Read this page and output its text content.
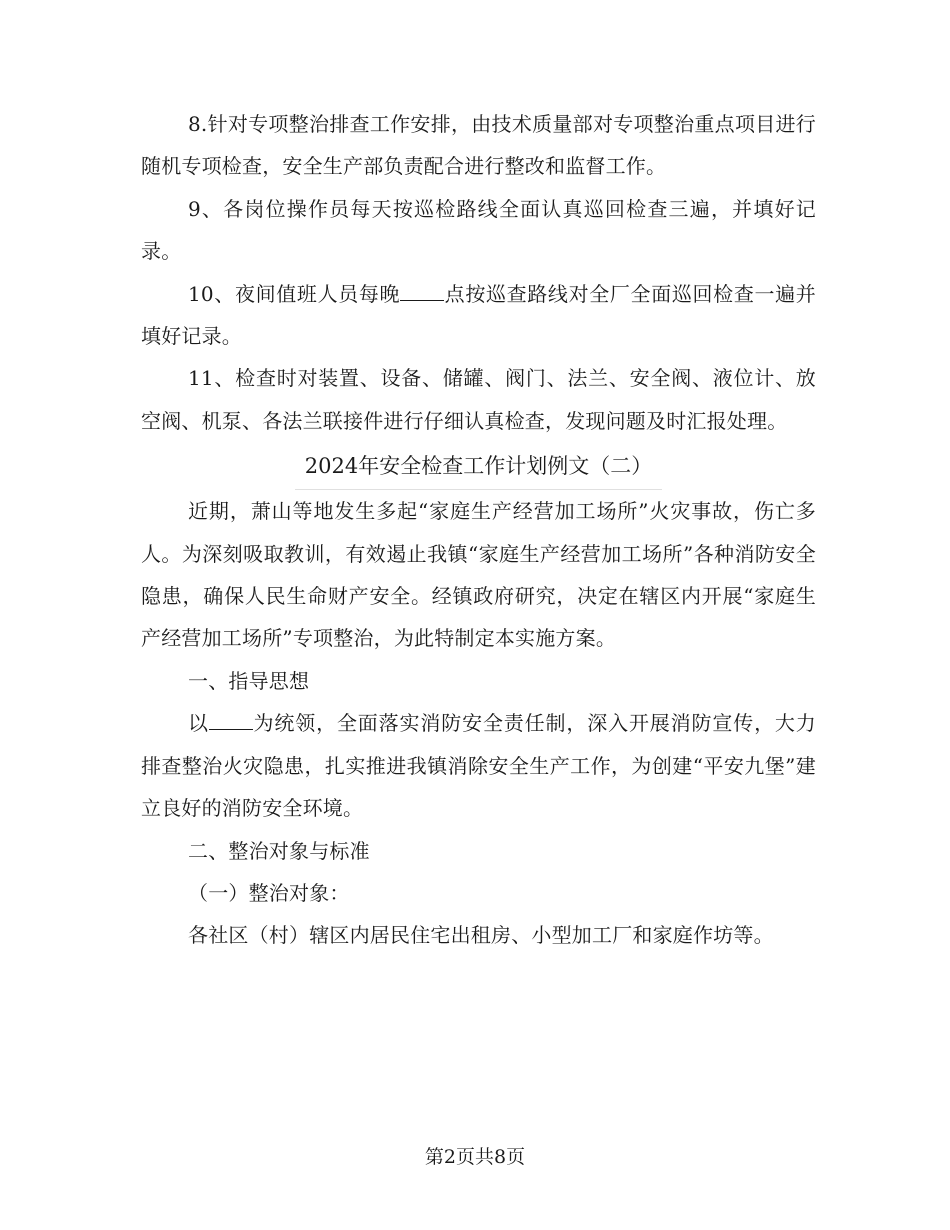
8.针对专项整治排查工作安排，由技术质量部对专项整治重点项目进行随机专项检查，安全生产部负责配合进行整改和监督工作。

9、各岗位操作员每天按巡检路线全面认真巡回检查三遍，并填好记录。

10、夜间值班人员每晚 点按巡查路线对全厂全面巡回检查一遍并填好记录。

11、检查时对装置、设备、储罐、阀门、法兰、安全阀、液位计、放空阀、机泵、各法兰联接件进行仔细认真检查，发现问题及时汇报处理。

2024年安全检查工作计划例文（二）

近期，萧山等地发生多起“家庭生产经营加工场所”火灾事故，伤亡多人。为深刻吸取教训，有效遏止我镇“家庭生产经营加工场所”各种消防安全隐患，确保人民生命财产安全。经镇政府研究，决定在辖区内开展“家庭生产经营加工场所”专项整治，为此特制定本实施方案。

一、指导思想

以 为统领，全面落实消防安全责任制，深入开展消防宣传，大力排查整治火灾隐患，扎实推进我镇消除安全生产工作，为创建“平安九堡”建立良好的消防安全环境。

二、整治对象与标准

（一）整治对象：

各社区（村）辖区内居民住宅出租房、小型加工厂和家庭作坊等。

第2页共8页
